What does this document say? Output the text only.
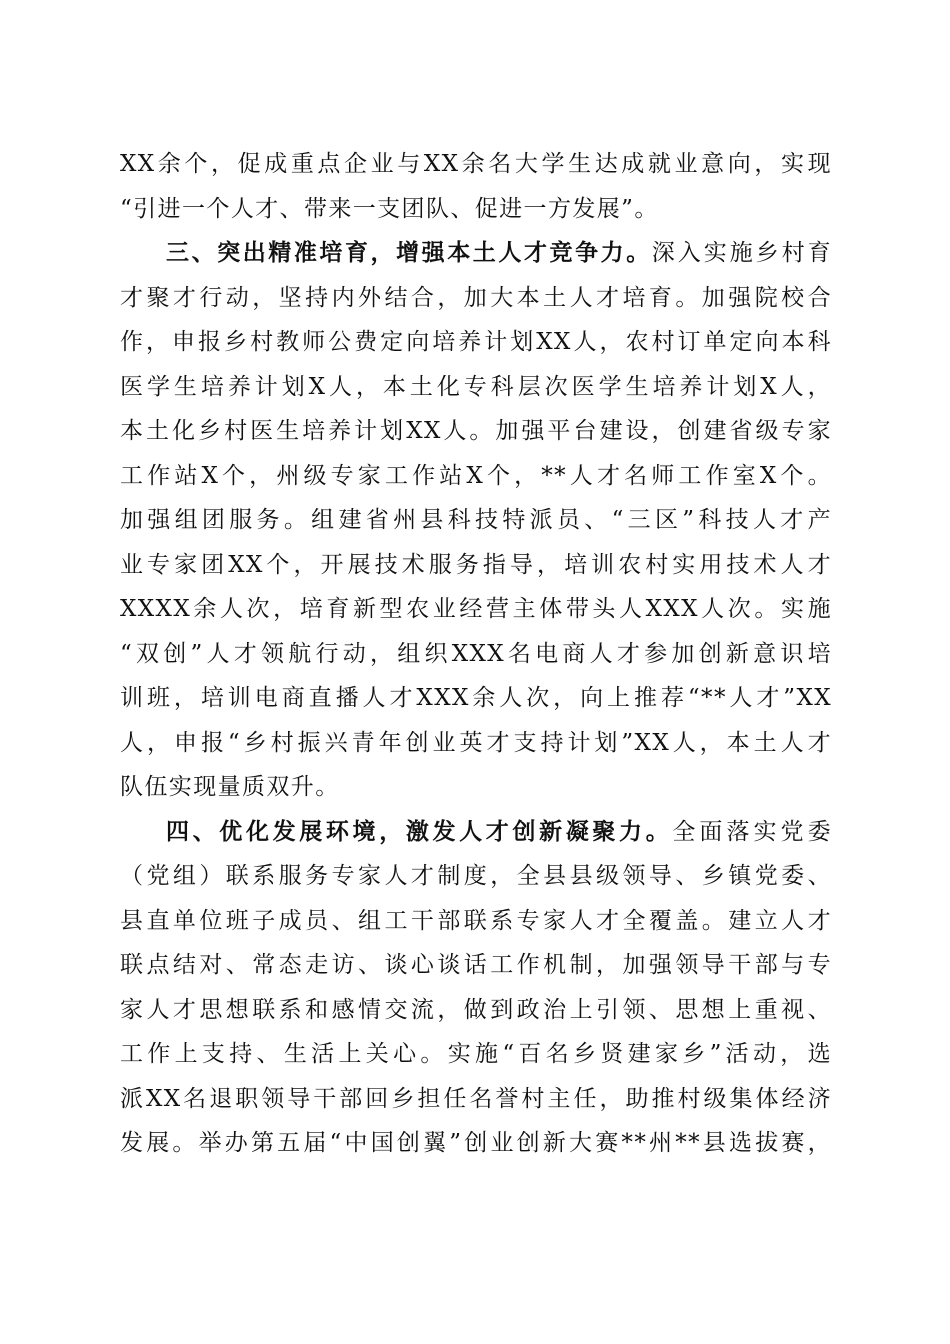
XX余个，促成重点企业与XX余名大学生达成就业意向，实现
“引进一个人才、带来一支团队、促进一方发展”。
三、突出精准培育，增强本土人才竞争力。深入实施乡村育
才聚才行动，坚持内外结合，加大本土人才培育。加强院校合
作，申报乡村教师公费定向培养计划XX人，农村订单定向本科
医学生培养计划X人，本土化专科层次医学生培养计划X人，
本土化乡村医生培养计划XX人。加强平台建设，创建省级专家
工作站X个，州级专家工作站X个，**人才名师工作室X个。
加强组团服务。组建省州县科技特派员、“三区”科技人才产
业专家团XX个，开展技术服务指导，培训农村实用技术人才
XXXX余人次，培育新型农业经营主体带头人XXX人次。实施
“双创”人才领航行动，组织XXX名电商人才参加创新意识培
训班，培训电商直播人才XXX余人次，向上推荐“**人才”XX
人，申报“乡村振兴青年创业英才支持计划”XX人，本土人才
队伍实现量质双升。
四、优化发展环境，激发人才创新凝聚力。全面落实党委
（党组）联系服务专家人才制度，全县县级领导、乡镇党委、
县直单位班子成员、组工干部联系专家人才全覆盖。建立人才
联点结对、常态走访、谈心谈话工作机制，加强领导干部与专
家人才思想联系和感情交流，做到政治上引领、思想上重视、
工作上支持、生活上关心。实施“百名乡贤建家乡”活动，选
派XX名退职领导干部回乡担任名誉村主任，助推村级集体经济
发展。举办第五届“中国创翼”创业创新大赛**州**县选拔赛，
